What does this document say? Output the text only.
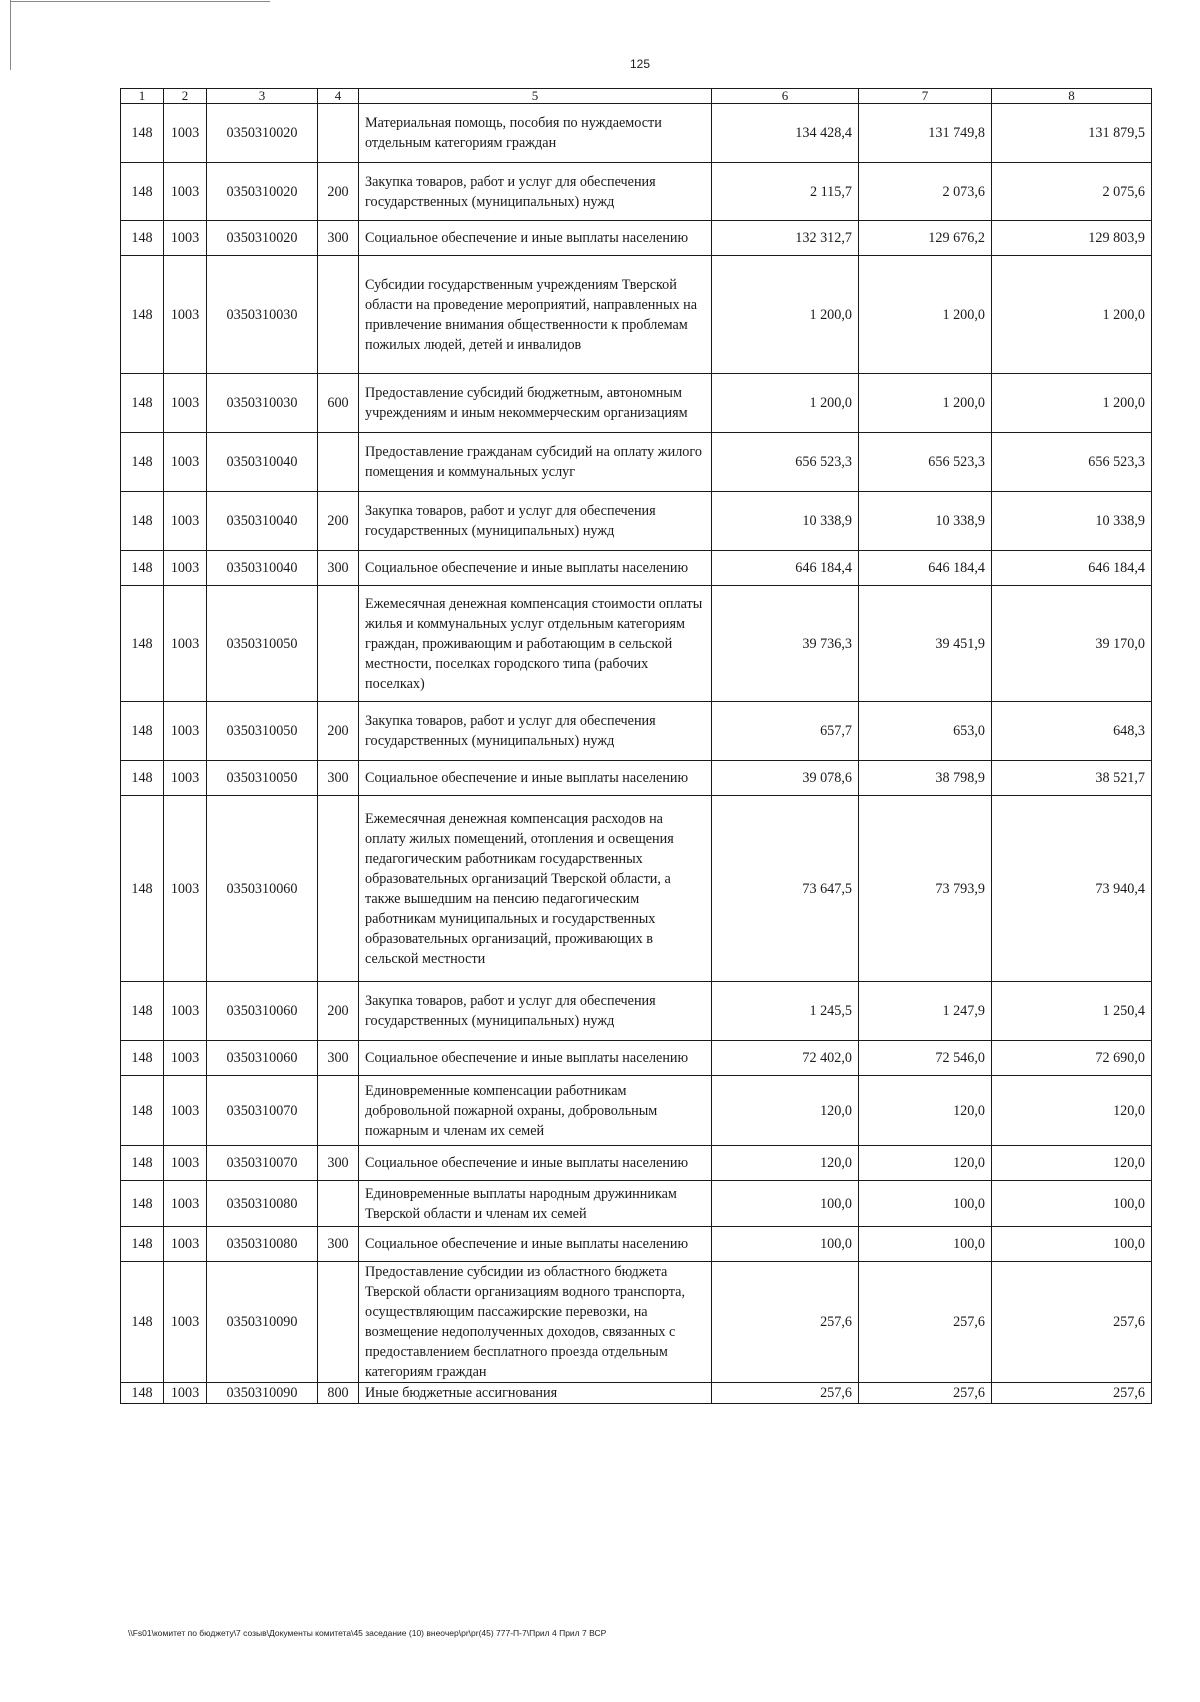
125
1	2	3	4	5	6	7	8
148	1003	0350310020		Материальная помощь, пособия по нуждаемости отдельным категориям граждан	134 428,4	131 749,8	131 879,5
148	1003	0350310020	200	Закупка товаров, работ и услуг для обеспечения государственных (муниципальных) нужд	2 115,7	2 073,6	2 075,6
148	1003	0350310020	300	Социальное обеспечение и иные выплаты населению	132 312,7	129 676,2	129 803,9
148	1003	0350310030		Субсидии государственным учреждениям Тверской области на проведение мероприятий, направленных на привлечение внимания общественности к проблемам пожилых людей, детей и инвалидов	1 200,0	1 200,0	1 200,0
148	1003	0350310030	600	Предоставление субсидий бюджетным, автономным учреждениям и иным некоммерческим организациям	1 200,0	1 200,0	1 200,0
148	1003	0350310040		Предоставление гражданам субсидий на оплату жилого помещения и коммунальных услуг	656 523,3	656 523,3	656 523,3
148	1003	0350310040	200	Закупка товаров, работ и услуг для обеспечения государственных (муниципальных) нужд	10 338,9	10 338,9	10 338,9
148	1003	0350310040	300	Социальное обеспечение и иные выплаты населению	646 184,4	646 184,4	646 184,4
148	1003	0350310050		Ежемесячная денежная компенсация стоимости оплаты жилья и коммунальных услуг отдельным категориям граждан, проживающим и работающим в сельской местности, поселках городского типа (рабочих поселках)	39 736,3	39 451,9	39 170,0
148	1003	0350310050	200	Закупка товаров, работ и услуг для обеспечения государственных (муниципальных) нужд	657,7	653,0	648,3
148	1003	0350310050	300	Социальное обеспечение и иные выплаты населению	39 078,6	38 798,9	38 521,7
148	1003	0350310060		Ежемесячная денежная компенсация расходов на оплату жилых помещений, отопления и освещения педагогическим работникам государственных образовательных организаций Тверской области, а также вышедшим на пенсию педагогическим работникам муниципальных и государственных образовательных организаций, проживающих в сельской местности	73 647,5	73 793,9	73 940,4
148	1003	0350310060	200	Закупка товаров, работ и услуг для обеспечения государственных (муниципальных) нужд	1 245,5	1 247,9	1 250,4
148	1003	0350310060	300	Социальное обеспечение и иные выплаты населению	72 402,0	72 546,0	72 690,0
148	1003	0350310070		Единовременные компенсации работникам добровольной пожарной охраны, добровольным пожарным и членам их семей	120,0	120,0	120,0
148	1003	0350310070	300	Социальное обеспечение и иные выплаты населению	120,0	120,0	120,0
148	1003	0350310080		Единовременные выплаты народным дружинникам Тверской области и членам их семей	100,0	100,0	100,0
148	1003	0350310080	300	Социальное обеспечение и иные выплаты населению	100,0	100,0	100,0
148	1003	0350310090		Предоставление субсидии из областного бюджета Тверской области организациям водного транспорта, осуществляющим пассажирские перевозки, на возмещение недополученных доходов, связанных с предоставлением бесплатного проезда отдельным категориям граждан	257,6	257,6	257,6
148	1003	0350310090	800	Иные бюджетные ассигнования	257,6	257,6	257,6
\\Fs01\комитет по бюджету\7 созыв\Документы комитета\45 заседание (10) внеочер\pr\pr(45) 777-П-7\Прил 4 Прил 7 ВСР
